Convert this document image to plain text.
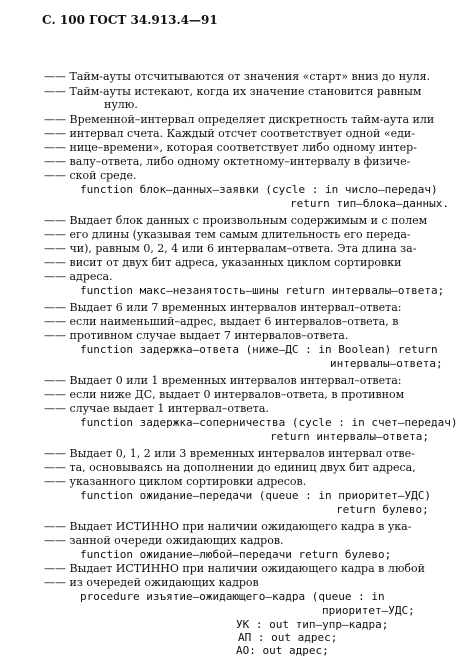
С. 100 ГОСТ 34.913.4—91
—— Тайм-ауты отсчитываются от значения «старт» вниз до нуля.
—— Тайм-ауты истекают, когда их значение становится равным
нулю.
—— Временной–интервал определяет дискретность тайм-аута или
—— интервал счета. Каждый отсчет соответствует одной «еди-
—— нице–времени», которая соответствует либо одному интер-
—— валу–ответа, либо одному октетному–интервалу в физиче-
—— ской среде.
function блок–данных–заявки (cycle : in число–передач)
return тип–блока–данных.
—— Выдает блок данных с произвольным содержимым и с полем
—— его длины (указывая тем самым длительность его переда-
—— чи), равным 0, 2, 4 или 6 интервалам–ответа. Эта длина за-
—— висит от двух бит адреса, указанных циклом сортировки
—— адреса.
function макс–незанятость–шины return интервалы–ответа;
—— Выдает 6 или 7 временных интервалов интервал–ответа:
—— если наименьший–адрес, выдает 6 интервалов–ответа, в
—— противном случае выдает 7 интервалов–ответа.
function задержка–ответа (ниже–ДС : in Boolean) return
интервалы–ответа;
—— Выдает 0 или 1 временных интервалов интервал–ответа:
—— если ниже ДС, выдает 0 интервалов–ответа, в противном
—— случае выдает 1 интервал–ответа.
function задержка–соперничества (cycle : in счет–передач)
return интервалы–ответа;
—— Выдает 0, 1, 2 или 3 временных интервалов интервал отве-
—— та, основываясь на дополнении до единиц двух бит адреса,
—— указанного циклом сортировки адресов.
function ожидание–передачи (queue : in приоритет–УДС)
return булево;
—— Выдает ИСТИННО при наличии ожидающего кадра в ука-
—— занной очереди ожидающих кадров.
function ожидание–любой–передачи return булево;
—— Выдает ИСТИННО при наличии ожидающего кадра в любой
—— из очередей ожидающих кадров
procedure изъятие–ожидающего–кадра (queue : in
приоритет–УДС;
УК : out тип–упр–кадра;
АП : out адрес;
АО: out адрес;
